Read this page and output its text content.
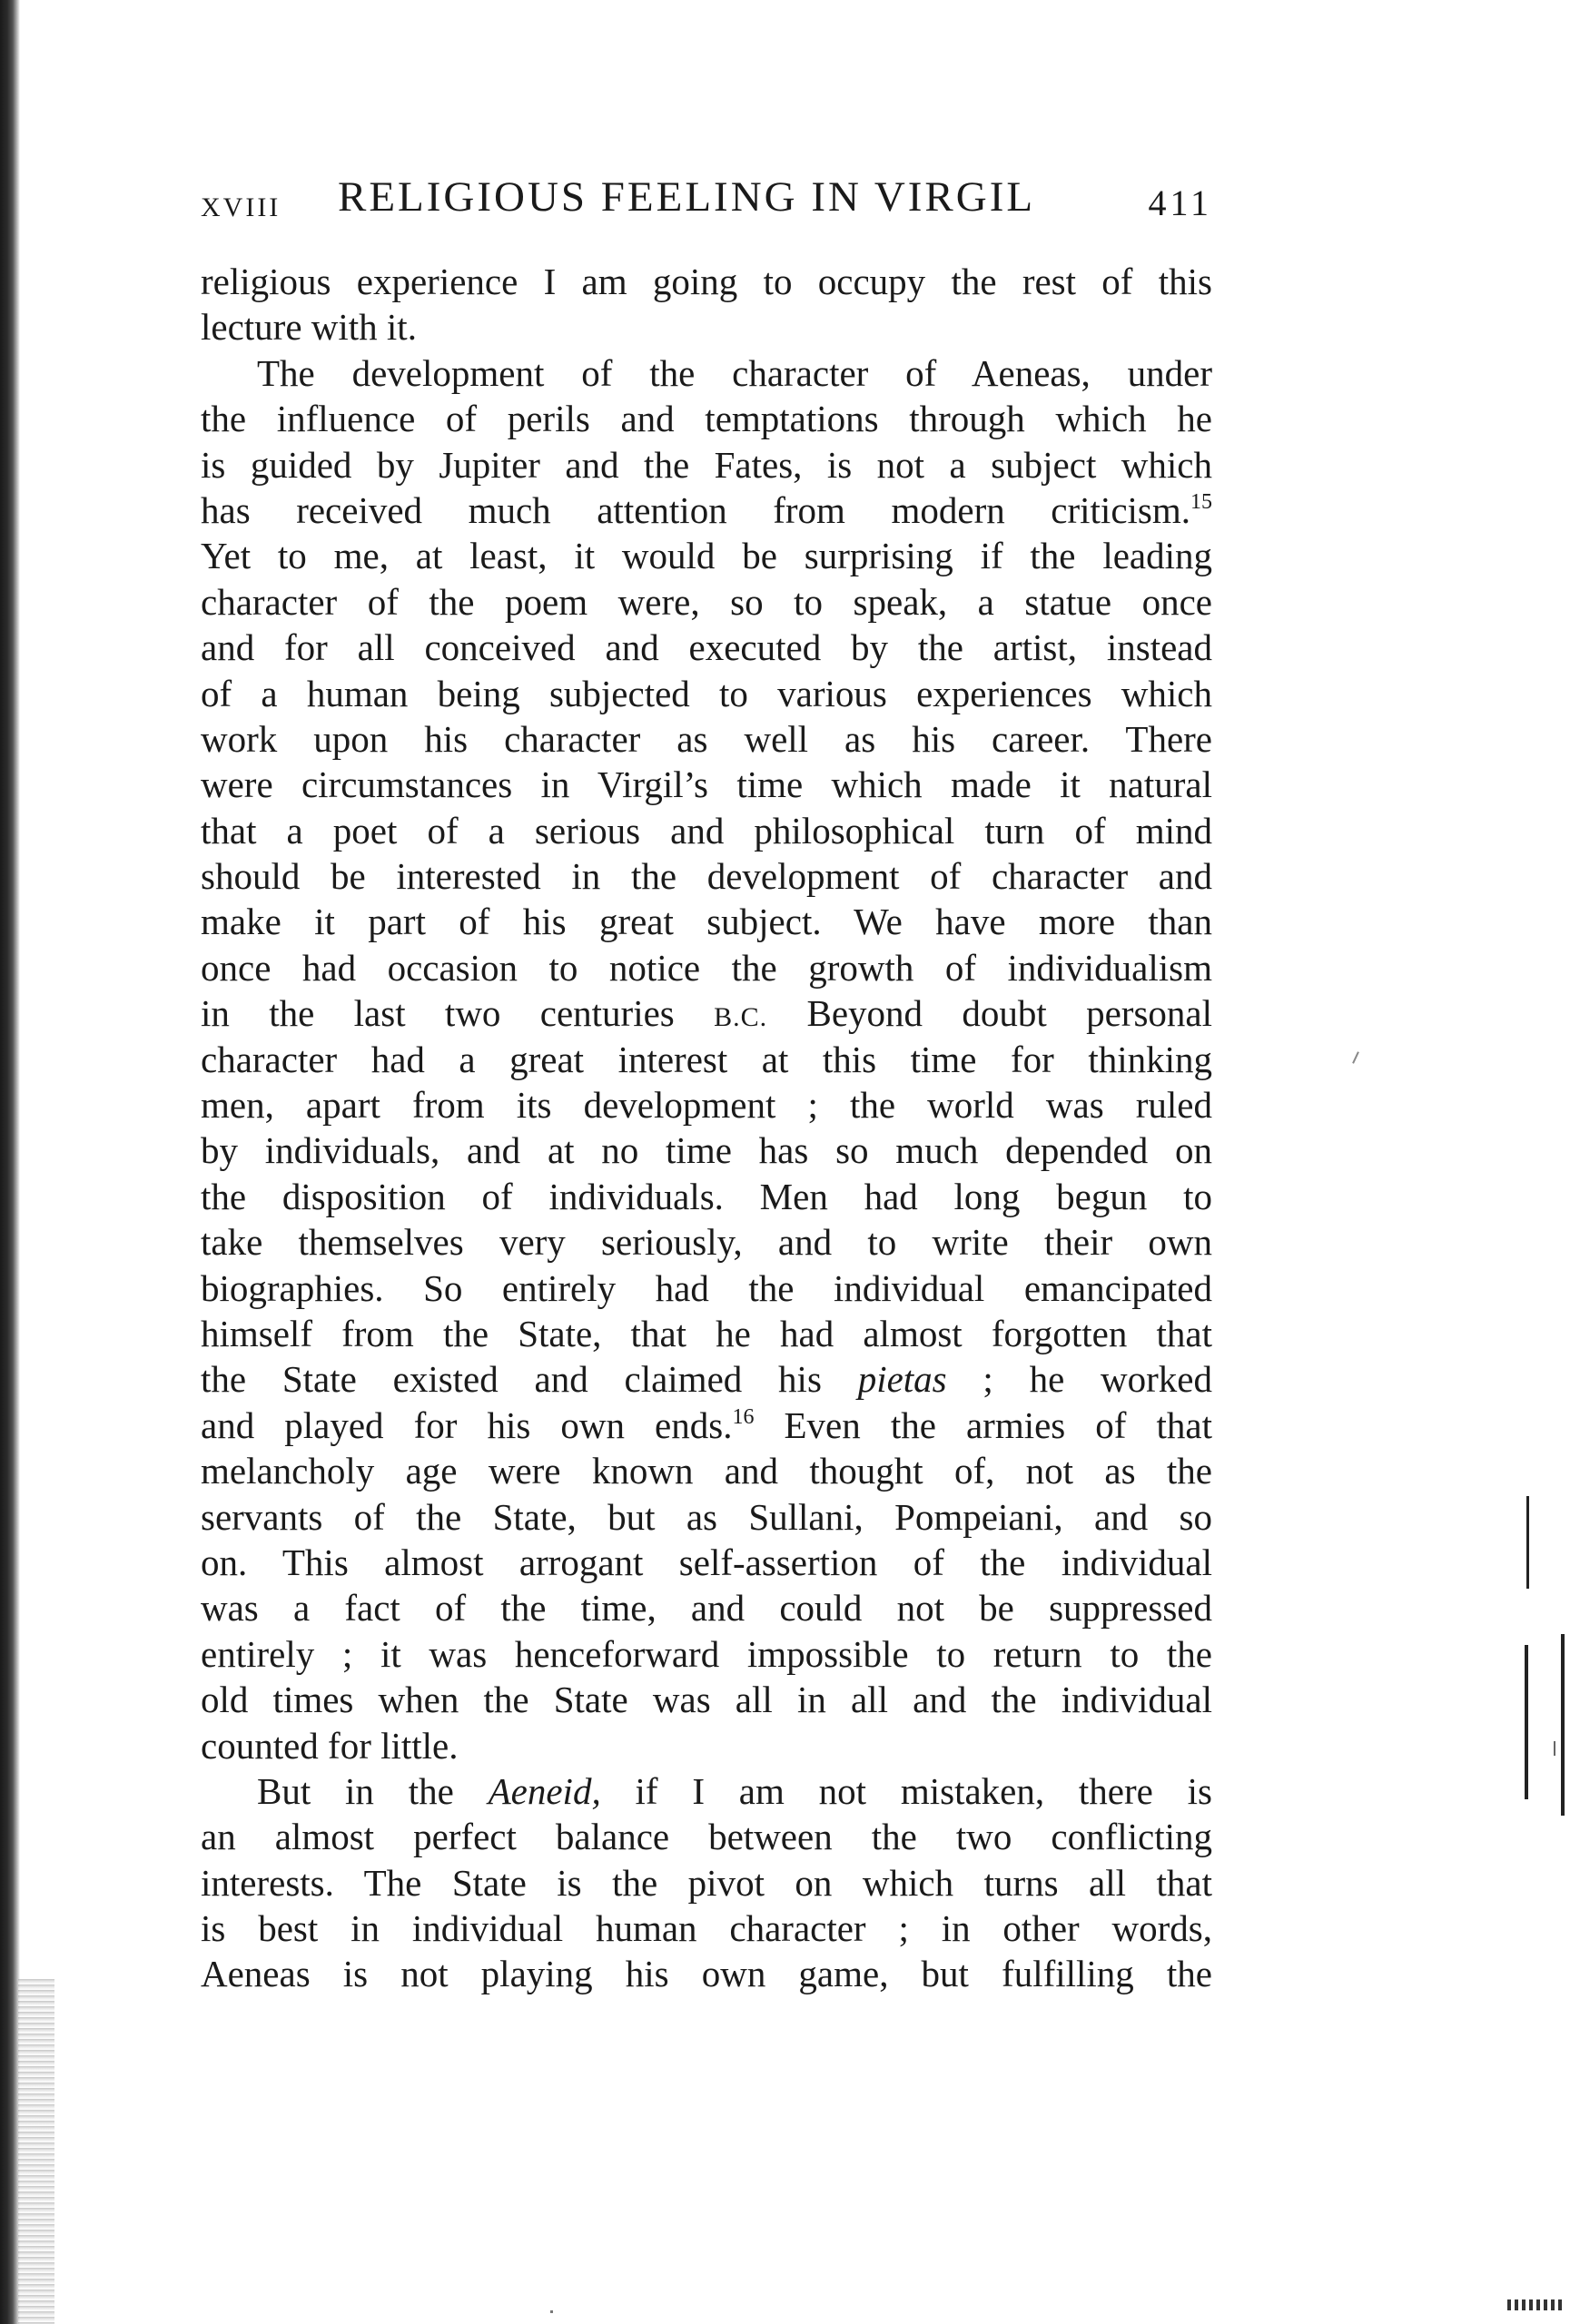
XVIII RELIGIOUS FEELING IN VIRGIL	411
religious experience I am going to occupy the rest of this
lecture with it.
The development of the character of Aeneas, under
the influence of perils and temptations through which he
is guided by Jupiter and the Fates, is not a subject which
has received much attention from modern criticism.$^{15}$
Yet to me, at least, it would be surprising if the leading
character of the poem were, so to speak, a statue once
and for all conceived and executed by the artist, instead
of a human being subjected to various experiences which
work upon his character as well as his career. There
were circumstances in Virgil’s time which made it natural
that a poet of a serious and philosophical turn of mind
should be interested in the development of character and
make it part of his great subject. We have more than
once had occasion to notice the growth of individualism
in the last two centuries B.C. Beyond doubt personal
character had a great interest at this time for thinking
men, apart from its development ; the world was ruled
by individuals, and at no time has so much depended on
the disposition of individuals. Men had long begun to
take themselves very seriously, and to write their own
biographies. So entirely had the individual emancipated
himself from the State, that he had almost forgotten that
the State existed and claimed his pietas ; he worked
and played for his own ends.$^{16}$ Even the armies of that
melancholy age were known and thought of, not as the
servants of the State, but as Sullani, Pompeiani, and so
on. This almost arrogant self-assertion of the individual
was a fact of the time, and could not be suppressed
entirely ; it was henceforward impossible to return to the
old times when the State was all in all and the individual
counted for little.
But in the Aeneid, if I am not mistaken, there is
an almost perfect balance between the two conflicting
interests. The State is the pivot on which turns all that
is best in individual human character ; in other words,
Aeneas is not playing his own game, but fulfilling the
